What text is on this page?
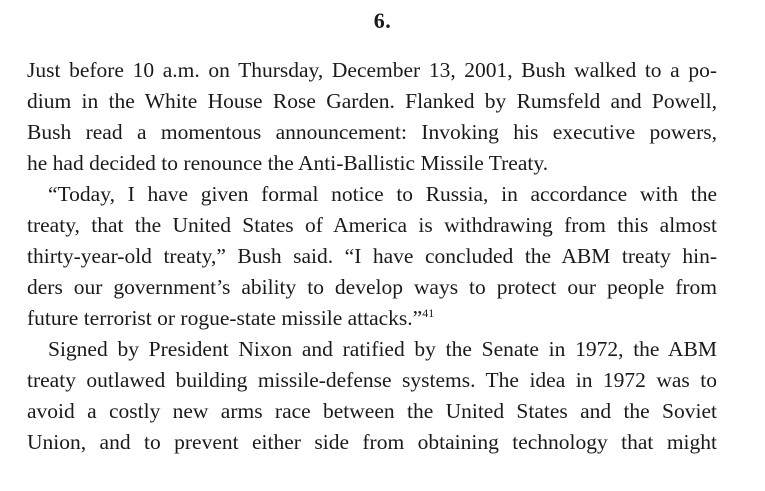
6.
Just before 10 a.m. on Thursday, December 13, 2001, Bush walked to a po-
dium in the White House Rose Garden. Flanked by Rumsfeld and Powell,
Bush read a momentous announcement: Invoking his executive powers,
he had decided to renounce the Anti-Ballistic Missile Treaty.
“Today, I have given formal notice to Russia, in accordance with the
treaty, that the United States of America is withdrawing from this almost
thirty-year-old treaty,” Bush said. “I have concluded the ABM treaty hin-
ders our government’s ability to develop ways to protect our people from
future terrorist or rogue-state missile attacks.”$^{41}$
Signed by President Nixon and ratified by the Senate in 1972, the ABM
treaty outlawed building missile-defense systems. The idea in 1972 was to
avoid a costly new arms race between the United States and the Soviet
Union, and to prevent either side from obtaining technology that might
